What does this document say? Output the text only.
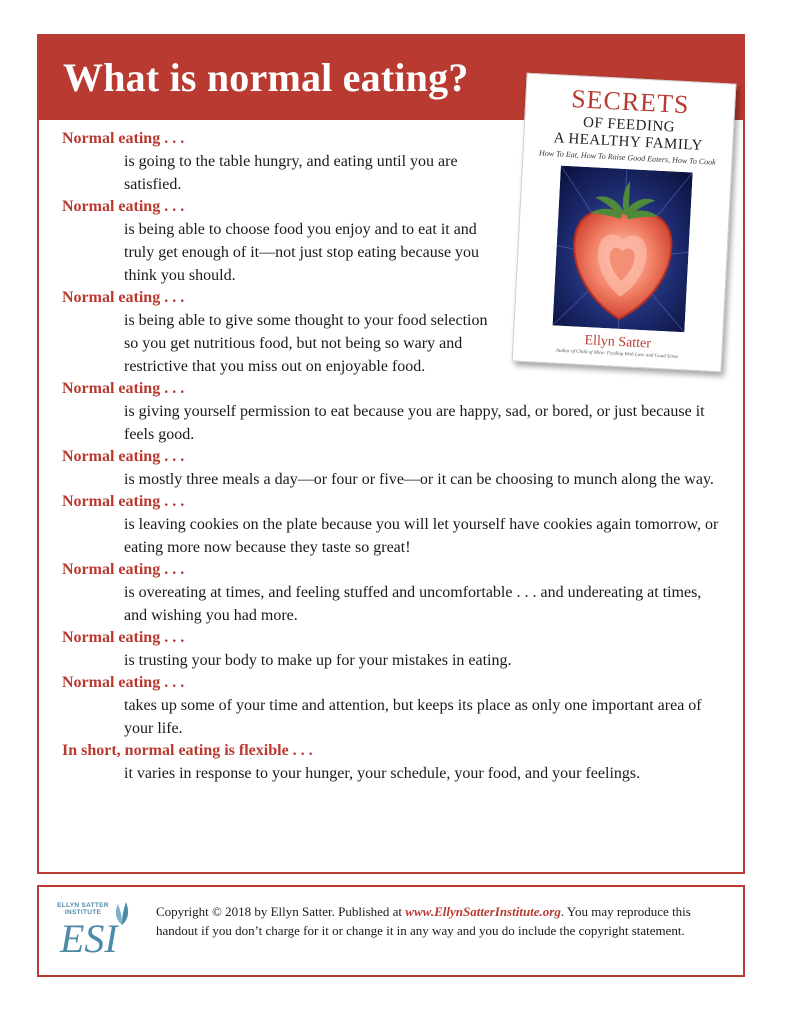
What is normal eating?
Normal eating . . .
is going to the table hungry, and eating until you are satisfied.
Normal eating . . .
is being able to choose food you enjoy and to eat it and truly get enough of it—not just stop eating because you think you should.
Normal eating . . .
is being able to give some thought to your food selection so you get nutritious food, but not being so wary and restrictive that you miss out on enjoyable food.
Normal eating . . .
is giving yourself permission to eat because you are happy, sad, or bored, or just because it feels good.
Normal eating . . .
is mostly three meals a day—or four or five—or it can be choosing to munch along the way.
Normal eating . . .
is leaving cookies on the plate because you will let yourself have cookies again tomorrow, or eating more now because they taste so great!
Normal eating . . .
is overeating at times, and feeling stuffed and uncomfortable . . . and undereating at times, and wishing you had more.
Normal eating . . .
is trusting your body to make up for your mistakes in eating.
Normal eating . . .
takes up some of your time and attention, but keeps its place as only one important area of your life.
In short, normal eating is flexible . . .
it varies in response to your hunger, your schedule, your food, and your feelings.
SECRETS
OF FEEDING
A HEALTHY FAMILY
How To Eat, How To Raise Good Eaters, How To Cook
Ellyn Satter
Author of Child of Mine: Feeding With Love and Good Sense
ELLYN SATTER INSTITUTE
ESI

Copyright © 2018 by Ellyn Satter. Published at www.EllynSatterInstitute.org. You may reproduce this handout if you don’t charge for it or change it in any way and you do include the copyright statement.
